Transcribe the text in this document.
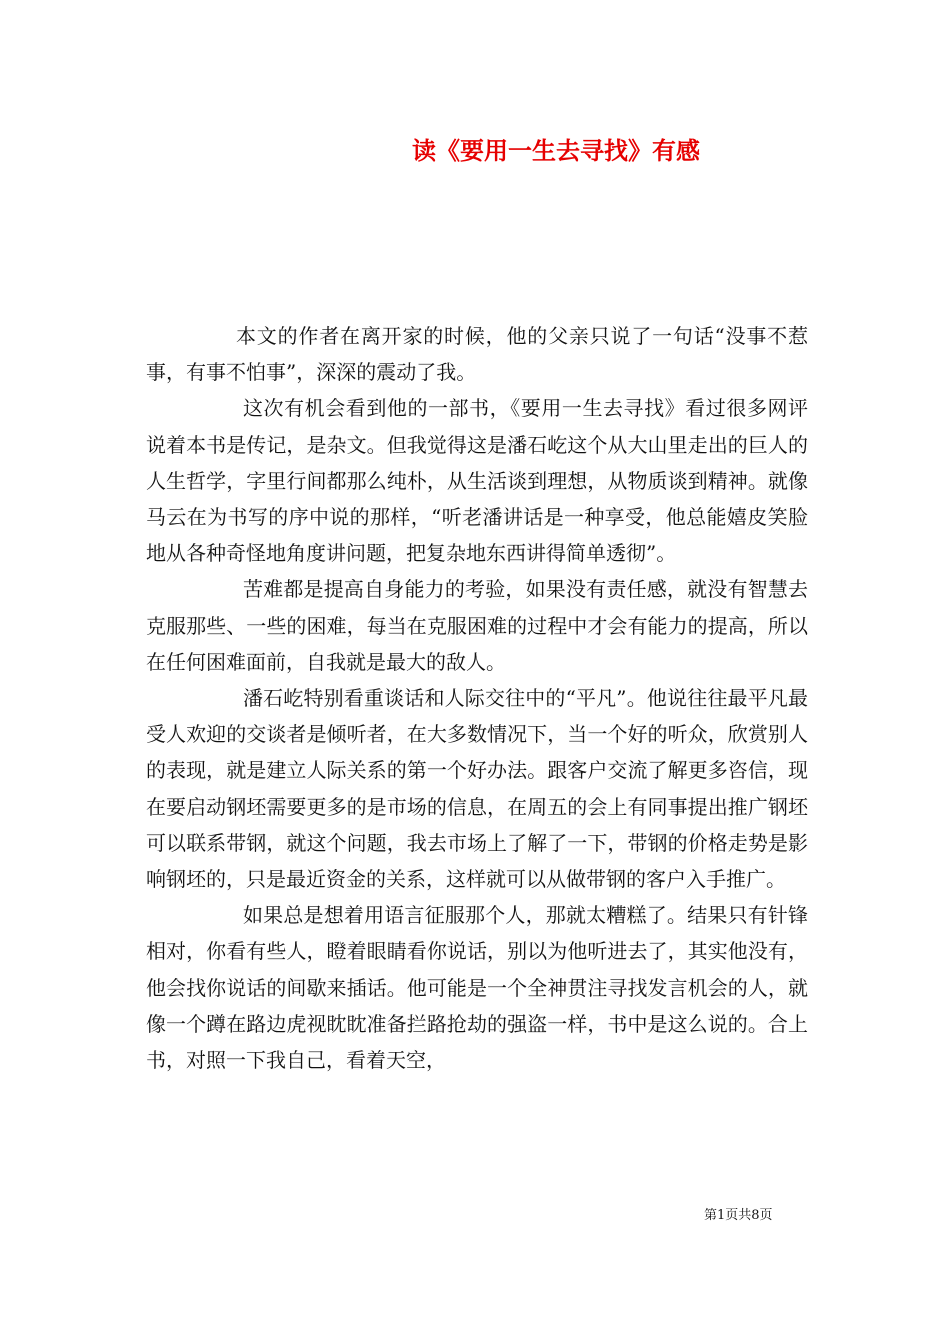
读《要用一生去寻找》有感

本文的作者在离开家的时候，他的父亲只说了一句话“没事不惹事，有事不怕事”，深深的震动了我。

这次有机会看到他的一部书，《要用一生去寻找》看过很多网评说着本书是传记，是杂文。但我觉得这是潘石屹这个从大山里走出的巨人的人生哲学，字里行间都那么纯朴，从生活谈到理想，从物质谈到精神。就像马云在为书写的序中说的那样，“听老潘讲话是一种享受，他总能嬉皮笑脸地从各种奇怪地角度讲问题，把复杂地东西讲得简单透彻”。

苦难都是提高自身能力的考验，如果没有责任感，就没有智慧去克服那些、一些的困难，每当在克服困难的过程中才会有能力的提高，所以在任何困难面前，自我就是最大的敌人。

潘石屹特别看重谈话和人际交往中的“平凡”。他说往往最平凡最受人欢迎的交谈者是倾听者，在大多数情况下，当一个好的听众，欣赏别人的表现，就是建立人际关系的第一个好办法。跟客户交流了解更多咨信，现在要启动钢坯需要更多的是市场的信息，在周五的会上有同事提出推广钢坯可以联系带钢，就这个问题，我去市场上了解了一下，带钢的价格走势是影响钢坯的，只是最近资金的关系，这样就可以从做带钢的客户入手推广。

如果总是想着用语言征服那个人，那就太糟糕了。结果只有针锋相对，你看有些人，瞪着眼睛看你说话，别以为他听进去了，其实他没有，他会找你说话的间歇来插话。他可能是一个全神贯注寻找发言机会的人，就像一个蹲在路边虎视眈眈准备拦路抢劫的强盗一样，书中是这么说的。合上书，对照一下我自己，看着天空，

第1页共8页
